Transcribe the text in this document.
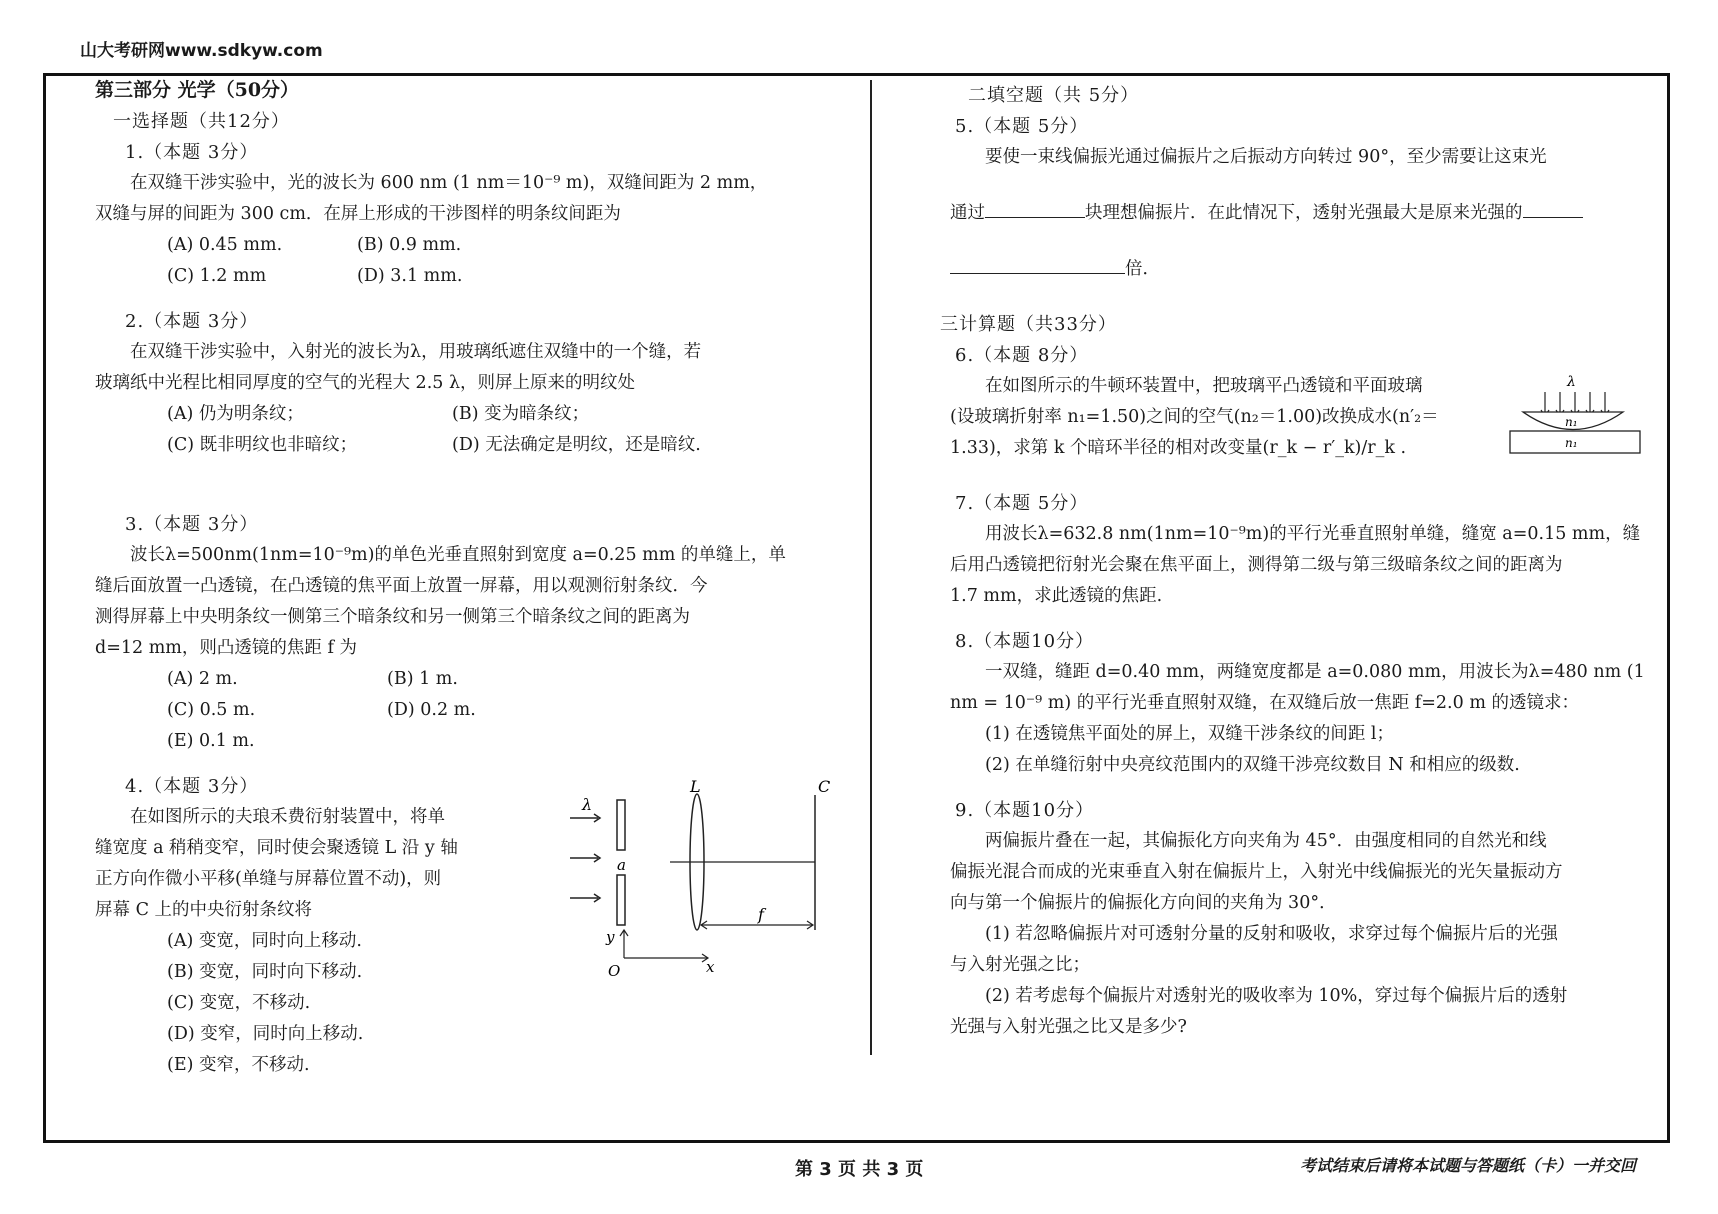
山大考研网www.sdkyw.com
第三部分 光学（50分）
一选择题（共12分）
1.（本题 3分）
在双缝干涉实验中，光的波长为 600 nm (1 nm＝10⁻⁹ m)，双缝间距为 2 mm，
双缝与屏的间距为 300 cm．在屏上形成的干涉图样的明条纹间距为
(A) 0.45 mm.	(B) 0.9 mm.
(C) 1.2 mm	(D) 3.1 mm.
2.（本题 3分）
在双缝干涉实验中，入射光的波长为λ，用玻璃纸遮住双缝中的一个缝，若
玻璃纸中光程比相同厚度的空气的光程大 2.5 λ，则屏上原来的明纹处
(A) 仍为明条纹；	(B) 变为暗条纹；
(C) 既非明纹也非暗纹；	(D) 无法确定是明纹，还是暗纹.
3.（本题 3分）
波长λ=500nm(1nm=10⁻⁹m)的单色光垂直照射到宽度 a=0.25 mm 的单缝上，单
缝后面放置一凸透镜，在凸透镜的焦平面上放置一屏幕，用以观测衍射条纹．今
测得屏幕上中央明条纹一侧第三个暗条纹和另一侧第三个暗条纹之间的距离为
d=12 mm，则凸透镜的焦距 f 为
(A) 2 m.	(B) 1 m.
(C) 0.5 m.	(D) 0.2 m.
(E) 0.1 m.
4.（本题 3分）
在如图所示的夫琅禾费衍射装置中，将单
缝宽度 a 稍稍变窄，同时使会聚透镜 L 沿 y 轴
正方向作微小平移(单缝与屏幕位置不动)，则
屏幕 C 上的中央衍射条纹将
(A) 变宽，同时向上移动.
(B) 变宽，同时向下移动.
(C) 变宽，不移动.
(D) 变窄，同时向上移动.
(E) 变窄，不移动.
λ
a
L	C
f
y
O	x
二填空题（共 5分）
5.（本题 5分）
要使一束线偏振光通过偏振片之后振动方向转过 90°，至少需要让这束光
通过	块理想偏振片．在此情况下，透射光强最大是原来光强的
倍．
三计算题（共33分）
6.（本题 8分）
在如图所示的牛顿环装置中，把玻璃平凸透镜和平面玻璃
(设玻璃折射率 n₁=1.50)之间的空气(n₂＝1.00)改换成水(n′₂＝
1.33)，求第 k 个暗环半径的相对改变量(r_k − r′_k)/r_k .
7.（本题 5分）
用波长λ=632.8 nm(1nm=10⁻⁹m)的平行光垂直照射单缝，缝宽 a=0.15 mm，缝
后用凸透镜把衍射光会聚在焦平面上，测得第二级与第三级暗条纹之间的距离为
1.7 mm，求此透镜的焦距.
8.（本题10分）
一双缝，缝距 d=0.40 mm，两缝宽度都是 a=0.080 mm，用波长为λ=480 nm (1
nm = 10⁻⁹ m) 的平行光垂直照射双缝，在双缝后放一焦距 f=2.0 m 的透镜求：
(1) 在透镜焦平面处的屏上，双缝干涉条纹的间距 l；
(2) 在单缝衍射中央亮纹范围内的双缝干涉亮纹数目 N 和相应的级数.
9.（本题10分）
两偏振片叠在一起，其偏振化方向夹角为 45°．由强度相同的自然光和线
偏振光混合而成的光束垂直入射在偏振片上，入射光中线偏振光的光矢量振动方
向与第一个偏振片的偏振化方向间的夹角为 30°．
(1) 若忽略偏振片对可透射分量的反射和吸收，求穿过每个偏振片后的光强
与入射光强之比；
(2) 若考虑每个偏振片对透射光的吸收率为 10%，穿过每个偏振片后的透射
光强与入射光强之比又是多少?
λ
n₁
n₁
第 3 页 共 3 页	考试结束后请将本试题与答题纸（卡）一并交回
